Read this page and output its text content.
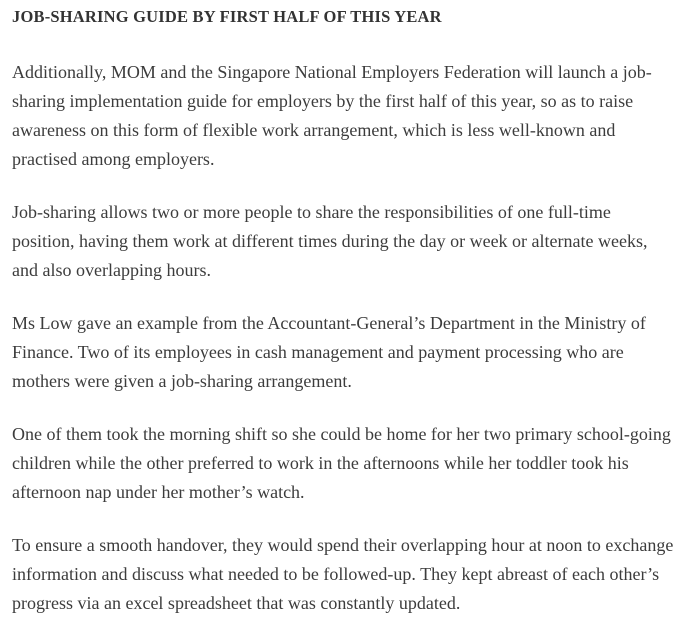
JOB-SHARING GUIDE BY FIRST HALF OF THIS YEAR

Additionally, MOM and the Singapore National Employers Federation will launch a job-sharing implementation guide for employers by the first half of this year, so as to raise awareness on this form of flexible work arrangement, which is less well-known and practised among employers.

Job-sharing allows two or more people to share the responsibilities of one full-time position, having them work at different times during the day or week or alternate weeks, and also overlapping hours.

Ms Low gave an example from the Accountant-General’s Department in the Ministry of Finance. Two of its employees in cash management and payment processing who are mothers were given a job-sharing arrangement.

One of them took the morning shift so she could be home for her two primary school-going children while the other preferred to work in the afternoons while her toddler took his afternoon nap under her mother’s watch.

To ensure a smooth handover, they would spend their overlapping hour at noon to exchange information and discuss what needed to be followed-up. They kept abreast of each other’s progress via an excel spreadsheet that was constantly updated.
